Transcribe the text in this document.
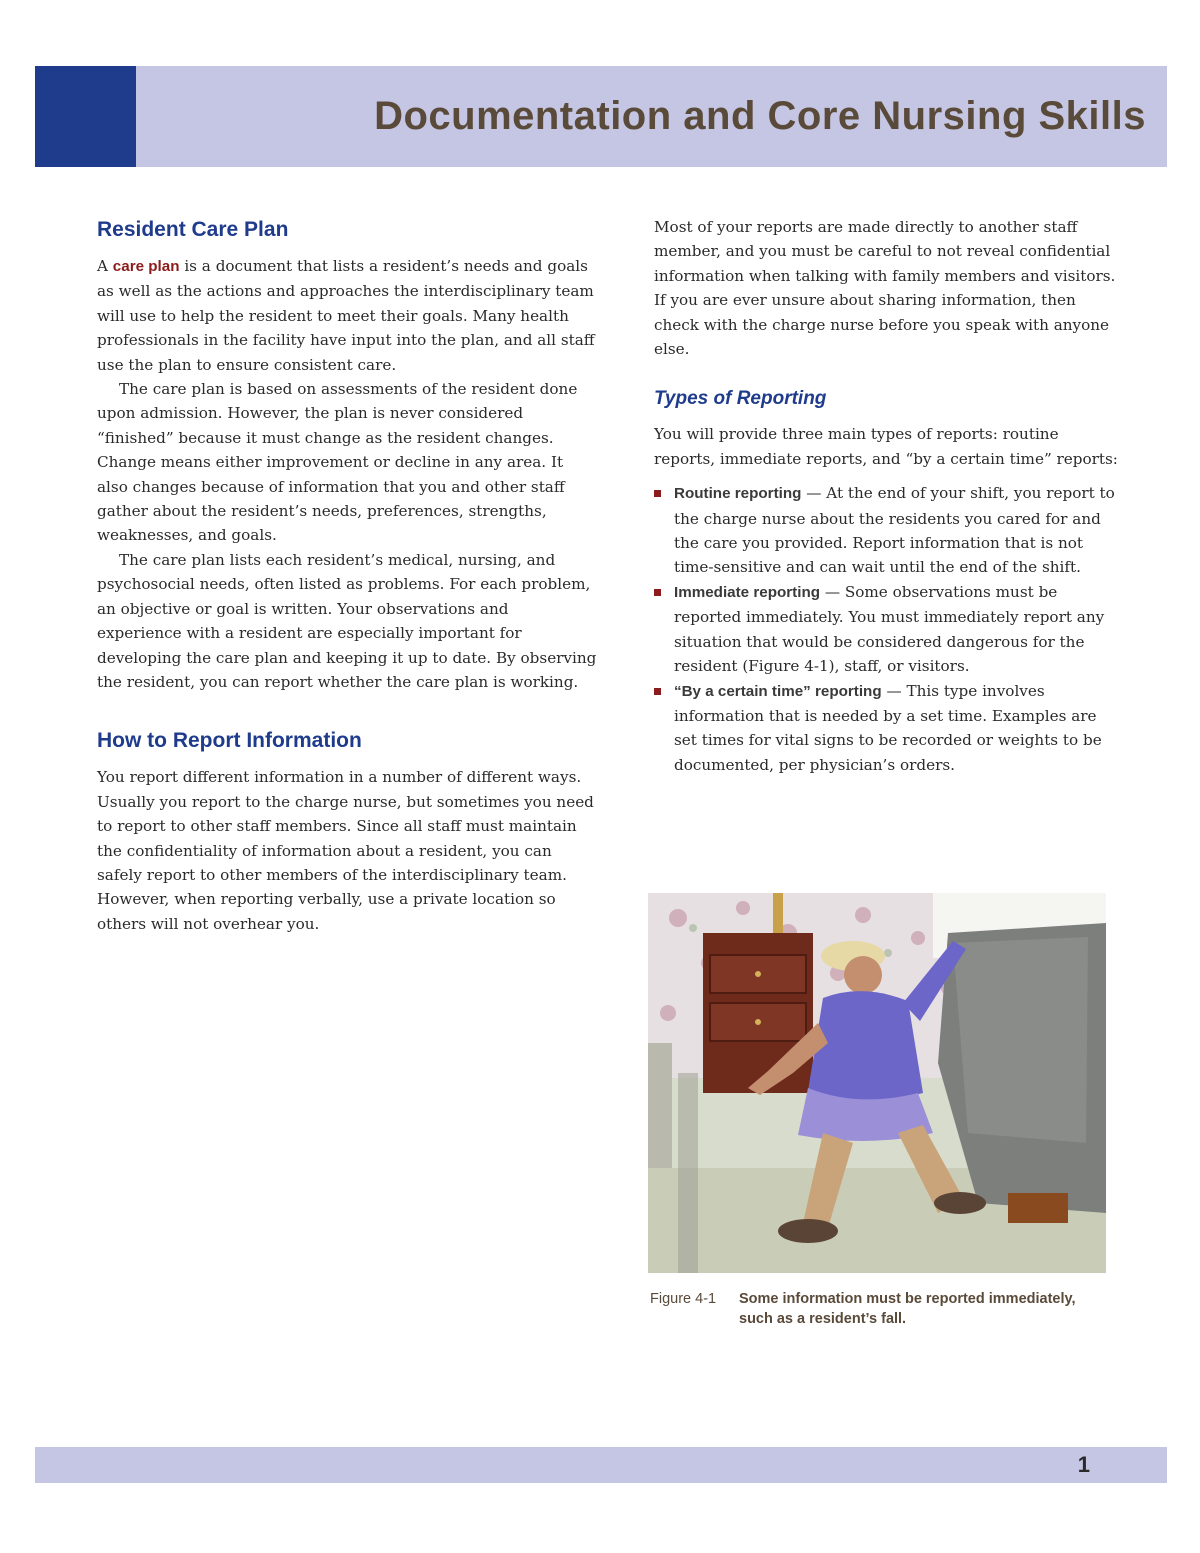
Documentation and Core Nursing Skills
Resident Care Plan

A care plan is a document that lists a resident’s needs and goals as well as the actions and approaches the interdisciplinary team will use to help the resident to meet their goals. Many health professionals in the facility have input into the plan, and all staff use the plan to ensure consistent care.

The care plan is based on assessments of the resident done upon admission. However, the plan is never considered “finished” because it must change as the resident changes. Change means either improvement or decline in any area. It also changes because of information that you and other staff gather about the resident’s needs, preferences, strengths, weaknesses, and goals.

The care plan lists each resident’s medical, nursing, and psychosocial needs, often listed as problems. For each problem, an objective or goal is written. Your observations and experience with a resident are especially important for developing the care plan and keeping it up to date. By observing the resident, you can report whether the care plan is working.

How to Report Information

You report different information in a number of different ways. Usually you report to the charge nurse, but sometimes you need to report to other staff members. Since all staff must maintain the confidentiality of information about a resident, you can safely report to other members of the interdisciplinary team. However, when reporting verbally, use a private location so others will not overhear you.

Most of your reports are made directly to another staff member, and you must be careful to not reveal confidential information when talking with family members and visitors. If you are ever unsure about sharing information, then check with the charge nurse before you speak with anyone else.

Types of Reporting

You will provide three main types of reports: routine reports, immediate reports, and “by a certain time” reports:

Routine reporting — At the end of your shift, you report to the charge nurse about the residents you cared for and the care you provided. Report information that is not time-sensitive and can wait until the end of the shift.
Immediate reporting — Some observations must be reported immediately. You must immediately report any situation that would be considered dangerous for the resident (Figure 4-1), staff, or visitors.
“By a certain time” reporting — This type involves information that is needed by a set time. Examples are set times for vital signs to be recorded or weights to be documented, per physician’s orders.
Figure 4-1 Some information must be reported immediately,
such as a resident’s fall.
1
